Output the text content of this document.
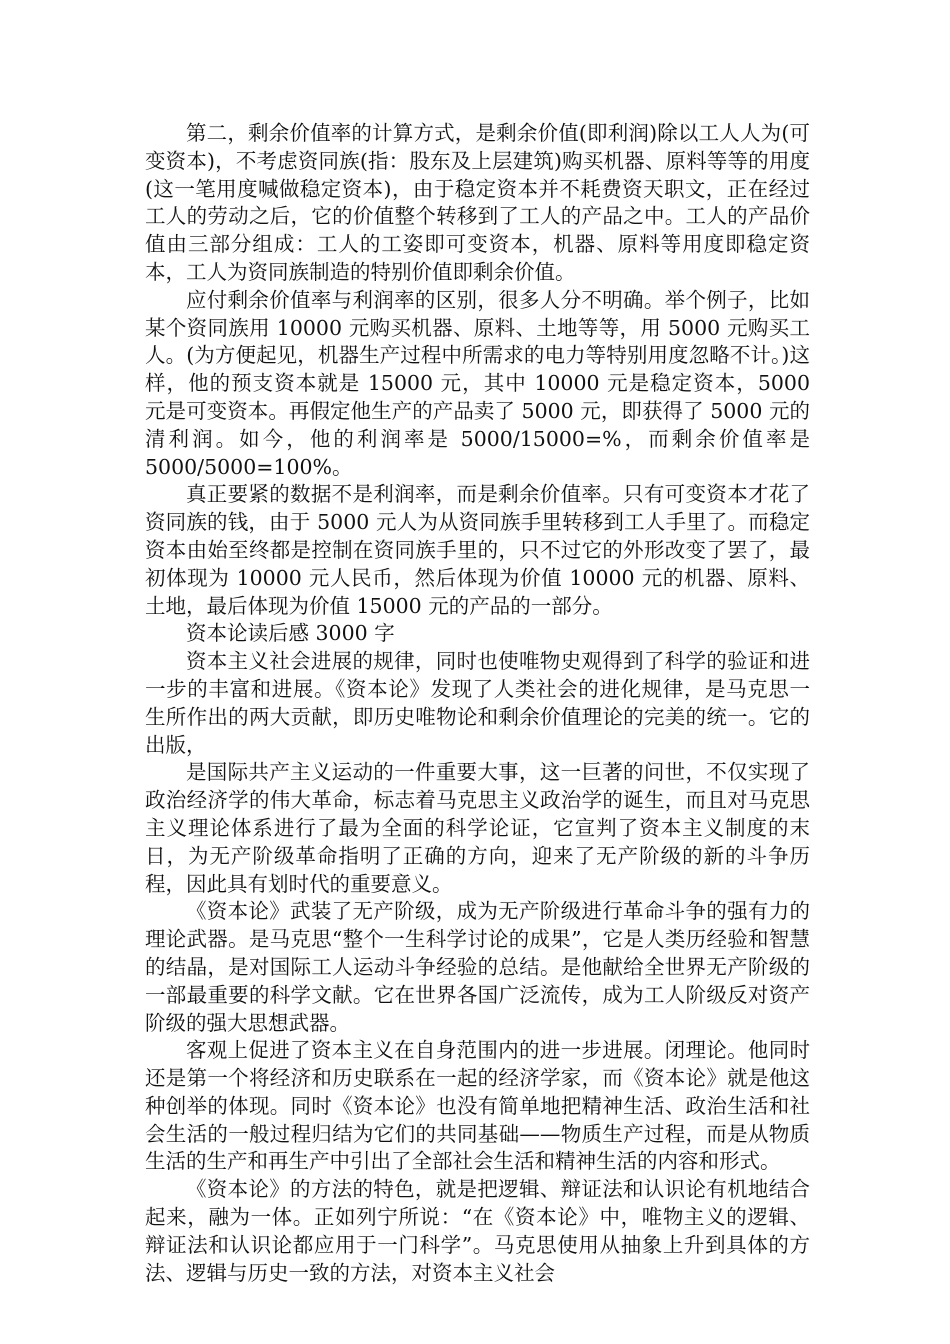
第二，剩余价值率的计算方式，是剩余价值(即利润)除以工人人为(可变资本)，不考虑资同族(指：股东及上层建筑)购买机器、原料等等的用度(这一笔用度喊做稳定资本)，由于稳定资本并不耗费资天职文，正在经过工人的劳动之后，它的价值整个转移到了工人的产品之中。工人的产品价值由三部分组成：工人的工姿即可变资本，机器、原料等用度即稳定资本，工人为资同族制造的特别价值即剩余价值。

应付剩余价值率与利润率的区别，很多人分不明确。举个例子，比如某个资同族用 10000 元购买机器、原料、土地等等，用 5000 元购买工人。(为方便起见，机器生产过程中所需求的电力等特别用度忽略不计。)这样，他的预支资本就是 15000 元，其中 10000 元是稳定资本，5000 元是可变资本。再假定他生产的产品卖了 5000 元，即获得了 5000 元的清利润。如今，他的利润率是 5000/15000=%，而剩余价值率是 5000/5000=100%。

真正要紧的数据不是利润率，而是剩余价值率。只有可变资本才花了资同族的钱，由于 5000 元人为从资同族手里转移到工人手里了。而稳定资本由始至终都是控制在资同族手里的，只不过它的外形改变了罢了，最初体现为 10000 元人民币，然后体现为价值 10000 元的机器、原料、土地，最后体现为价值 15000 元的产品的一部分。

资本论读后感 3000 字

资本主义社会进展的规律，同时也使唯物史观得到了科学的验证和进一步的丰富和进展。《资本论》发现了人类社会的进化规律，是马克思一生所作出的两大贡献，即历史唯物论和剩余价值理论的完美的统一。它的出版，

是国际共产主义运动的一件重要大事，这一巨著的问世，不仅实现了政治经济学的伟大革命，标志着马克思主义政治学的诞生，而且对马克思主义理论体系进行了最为全面的科学论证，它宣判了资本主义制度的末日，为无产阶级革命指明了正确的方向，迎来了无产阶级的新的斗争历程，因此具有划时代的重要意义。

《资本论》武装了无产阶级，成为无产阶级进行革命斗争的强有力的理论武器。是马克思“整个一生科学讨论的成果”，它是人类历经验和智慧的结晶，是对国际工人运动斗争经验的总结。是他献给全世界无产阶级的一部最重要的科学文献。它在世界各国广泛流传，成为工人阶级反对资产阶级的强大思想武器。

客观上促进了资本主义在自身范围内的进一步进展。闭理论。他同时还是第一个将经济和历史联系在一起的经济学家，而《资本论》就是他这种创举的体现。同时《资本论》也没有简单地把精神生活、政治生活和社会生活的一般过程归结为它们的共同基础——物质生产过程，而是从物质生活的生产和再生产中引出了全部社会生活和精神生活的内容和形式。

《资本论》的方法的特色，就是把逻辑、辩证法和认识论有机地结合起来，融为一体。正如列宁所说：“在《资本论》中，唯物主义的逻辑、辩证法和认识论都应用于一门科学”。马克思使用从抽象上升到具体的方法、逻辑与历史一致的方法，对资本主义社会
